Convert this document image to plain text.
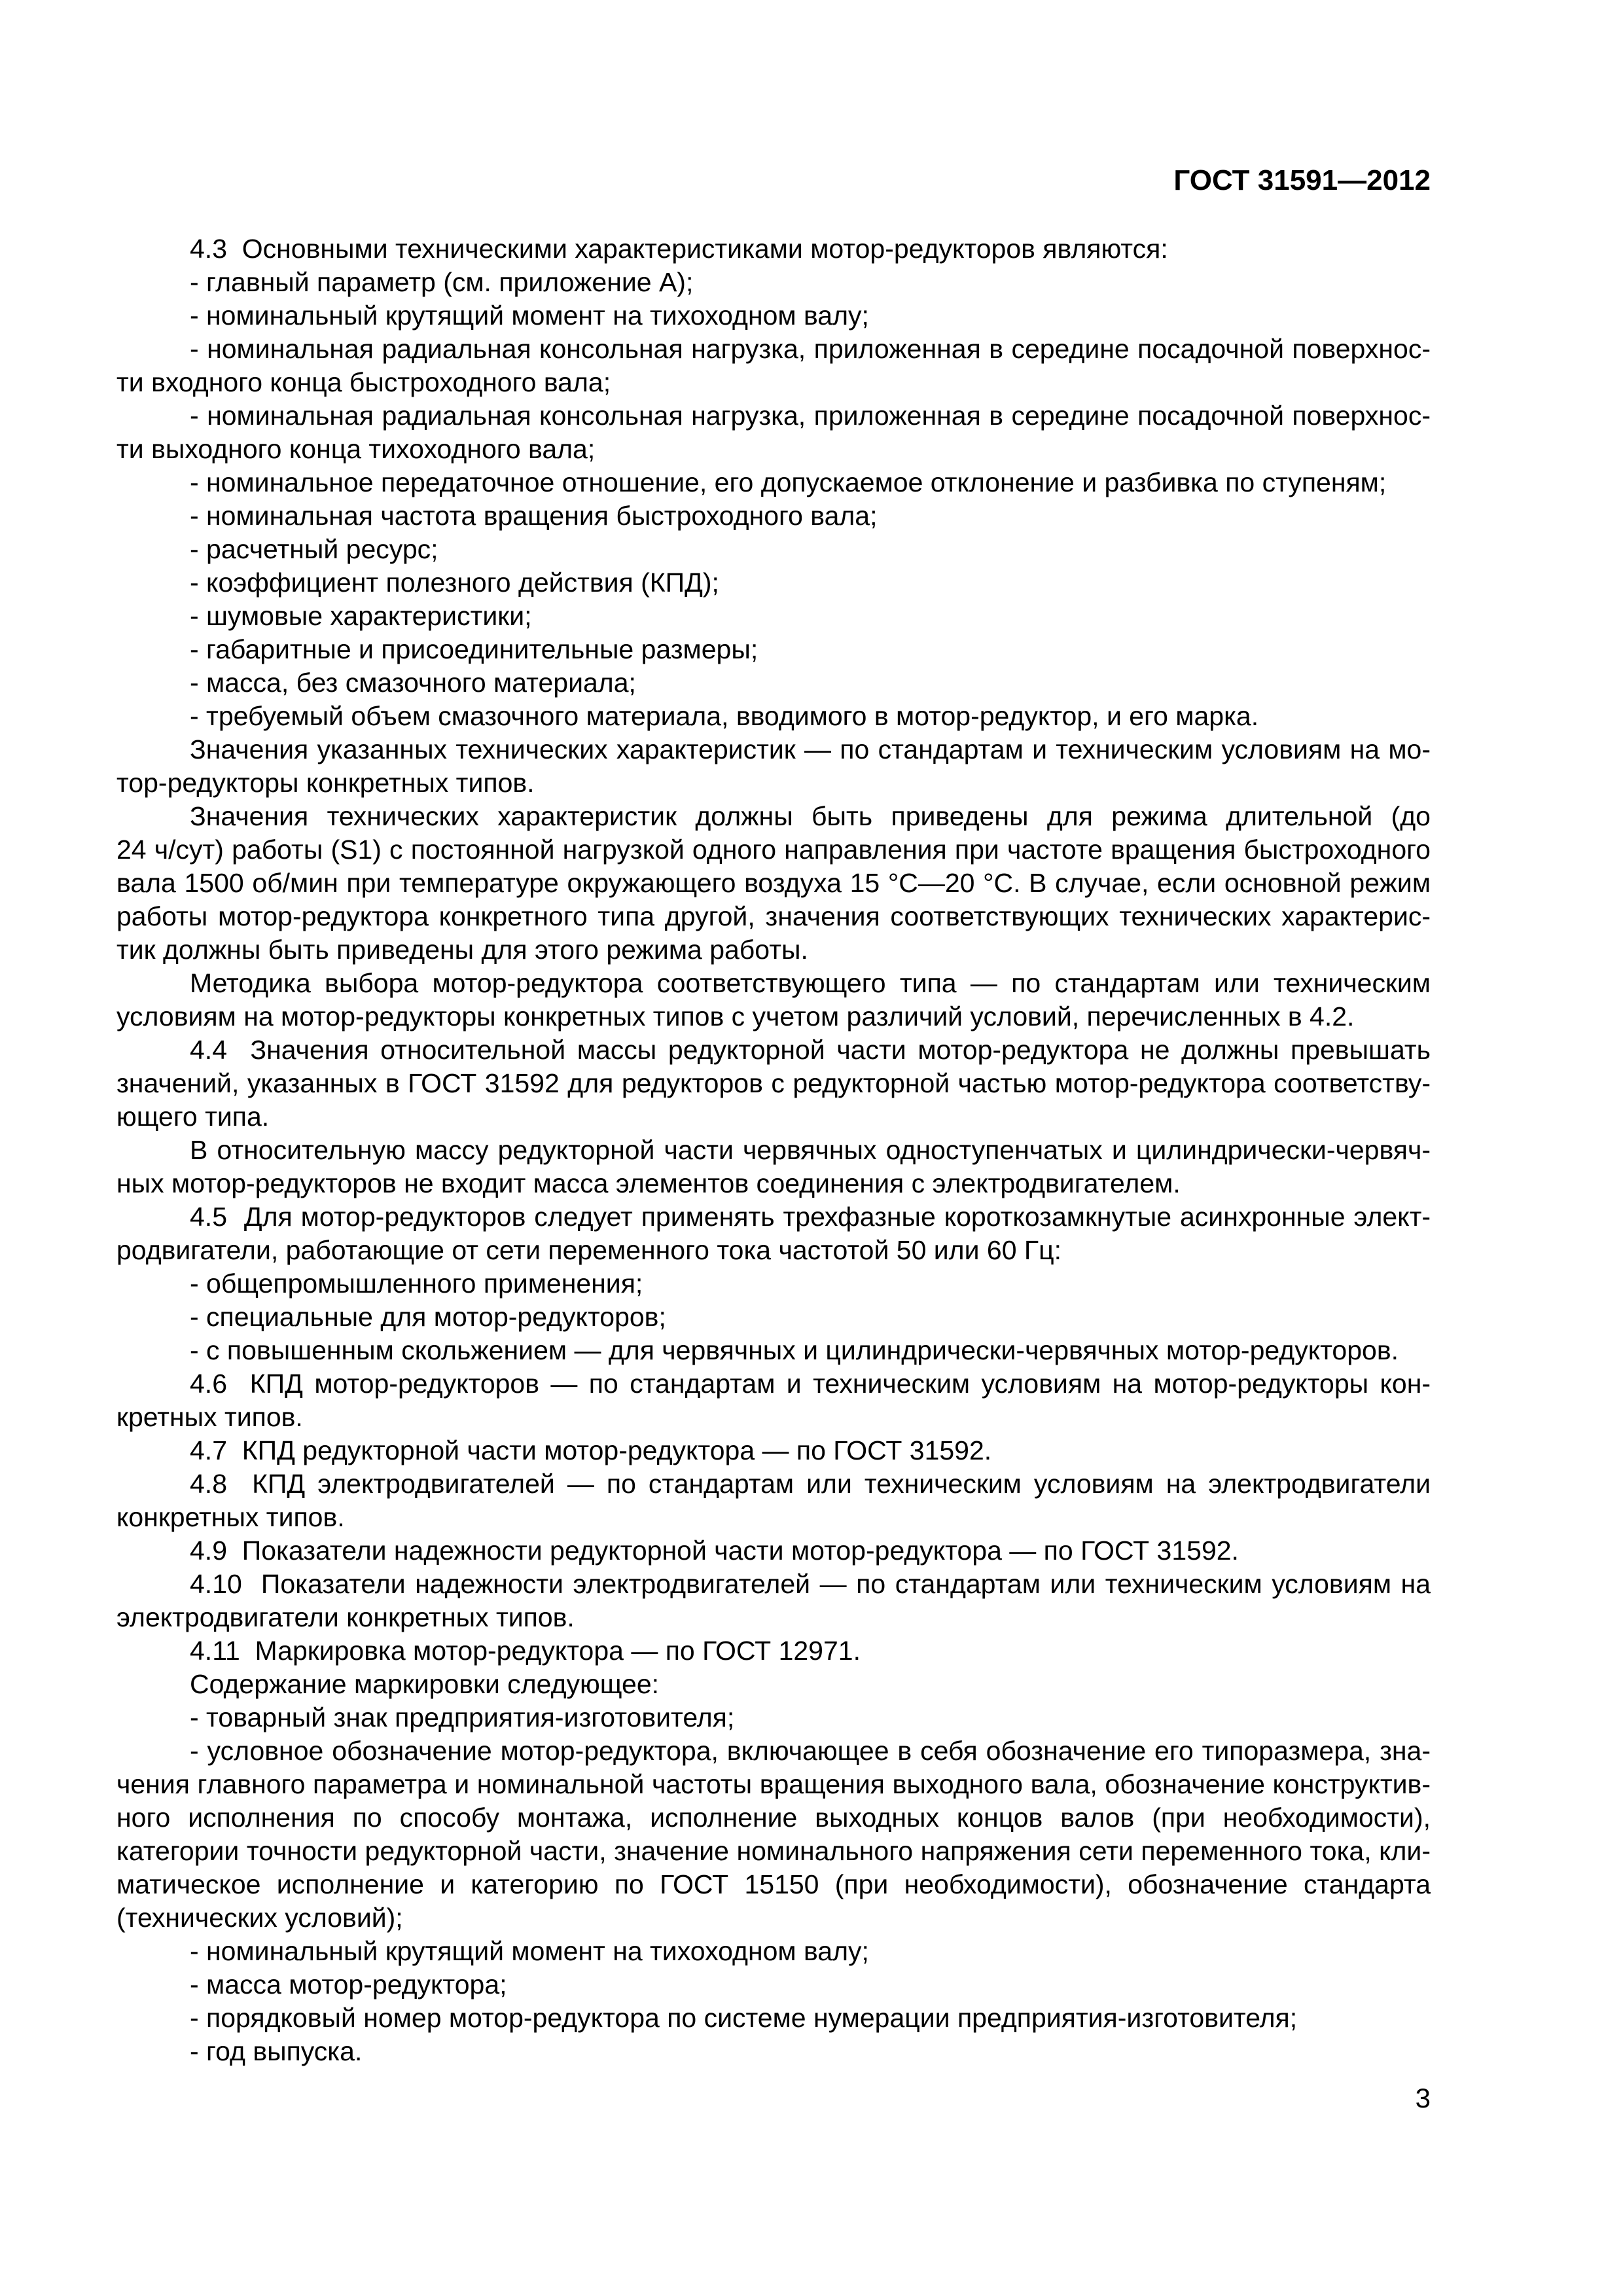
ГОСТ 31591—2012
4.3  Основными техническими характеристиками мотор-редукторов являются:
- главный параметр (см. приложение А);
- номинальный крутящий момент на тихоходном валу;
- номинальная радиальная консольная нагрузка, приложенная в середине посадочной поверхнос-
ти входного конца быстроходного вала;
- номинальная радиальная консольная нагрузка, приложенная в середине посадочной поверхнос-
ти выходного конца тихоходного вала;
- номинальное передаточное отношение, его допускаемое отклонение и разбивка по ступеням;
- номинальная частота вращения быстроходного вала;
- расчетный ресурс;
- коэффициент полезного действия (КПД);
- шумовые характеристики;
- габаритные и присоединительные размеры;
- масса, без смазочного материала;
- требуемый объем смазочного материала, вводимого в мотор-редуктор, и его марка.
Значения указанных технических характеристик — по стандартам и техническим условиям на мо-
тор-редукторы конкретных типов.
Значения технических характеристик должны быть приведены для режима длительной (до
24 ч/сут) работы (S1) с постоянной нагрузкой одного направления при частоте вращения быстроходного
вала 1500 об/мин при температуре окружающего воздуха 15 °С—20 °С. В случае, если основной режим
работы мотор-редуктора конкретного типа другой, значения соответствующих технических характерис-
тик должны быть приведены для этого режима работы.
Методика выбора мотор-редуктора соответствующего типа — по стандартам или техническим
условиям на мотор-редукторы конкретных типов с учетом различий условий, перечисленных в 4.2.
4.4  Значения относительной массы редукторной части мотор-редуктора не должны превышать
значений, указанных в ГОСТ 31592 для редукторов с редукторной частью мотор-редуктора соответству-
ющего типа.
В относительную массу редукторной части червячных одноступенчатых и цилиндрически-червяч-
ных мотор-редукторов не входит масса элементов соединения с электродвигателем.
4.5  Для мотор-редукторов следует применять трехфазные короткозамкнутые асинхронные элект-
родвигатели, работающие от сети переменного тока частотой 50 или 60 Гц:
- общепромышленного применения;
- специальные для мотор-редукторов;
- с повышенным скольжением — для червячных и цилиндрически-червячных мотор-редукторов.
4.6  КПД мотор-редукторов — по стандартам и техническим условиям на мотор-редукторы кон-
кретных типов.
4.7  КПД редукторной части мотор-редуктора — по ГОСТ 31592.
4.8  КПД электродвигателей — по стандартам или техническим условиям на электродвигатели
конкретных типов.
4.9  Показатели надежности редукторной части мотор-редуктора — по ГОСТ 31592.
4.10  Показатели надежности электродвигателей — по стандартам или техническим условиям на
электродвигатели конкретных типов.
4.11  Маркировка мотор-редуктора — по ГОСТ 12971.
Содержание маркировки следующее:
- товарный знак предприятия-изготовителя;
- условное обозначение мотор-редуктора, включающее в себя обозначение его типоразмера, зна-
чения главного параметра и номинальной частоты вращения выходного вала, обозначение конструктив-
ного исполнения по способу монтажа, исполнение выходных концов валов (при необходимости),
категории точности редукторной части, значение номинального напряжения сети переменного тока, кли-
матическое исполнение и категорию по ГОСТ 15150 (при необходимости), обозначение стандарта
(технических условий);
- номинальный крутящий момент на тихоходном валу;
- масса мотор-редуктора;
- порядковый номер мотор-редуктора по системе нумерации предприятия-изготовителя;
- год выпуска.
3
